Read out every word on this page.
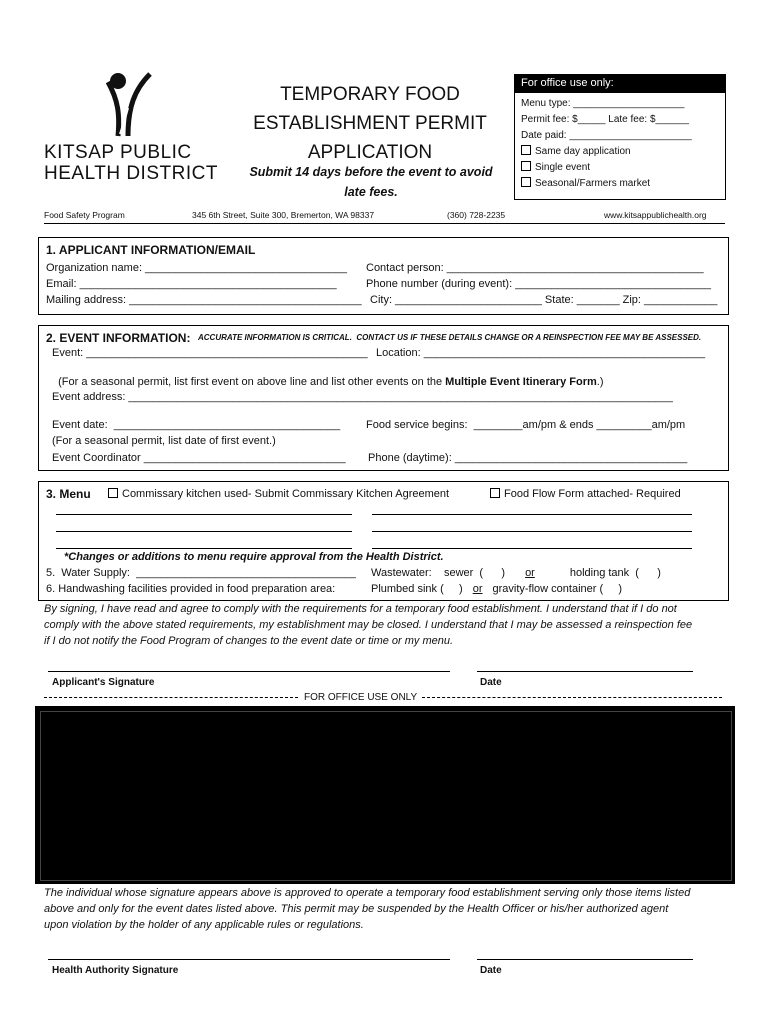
KITSAP PUBLIC
HEALTH DISTRICT
TEMPORARY FOOD
ESTABLISHMENT PERMIT
APPLICATION
Submit 14 days before the event to avoid
late fees.
For office use only:
Menu type: ____________________
Permit fee: $_____ Late fee: $______
Date paid: ______________________
Same day application
Single event
Seasonal/Farmers market
Food Safety Program	345 6th Street, Suite 300, Bremerton, WA 98337	(360) 728-2235	www.kitsappublichealth.org
1. APPLICANT INFORMATION/EMAIL
Organization name: _________________________________	Contact person: __________________________________________
Email: __________________________________________	Phone number (during event): ________________________________
Mailing address: ______________________________________ City: ________________________ State: _______ Zip: ____________
2. EVENT INFORMATION: ACCURATE INFORMATION IS CRITICAL.  CONTACT US IF THESE DETAILS CHANGE OR A REINSPECTION FEE MAY BE ASSESSED.
Event: ______________________________________________ Location: ______________________________________________

(For a seasonal permit, list first event on above line and list other events on the Multiple Event Itinerary Form.)

Event address: _________________________________________________________________________________________
Event date:  _____________________________________	Food service begins:  ________am/pm & ends _________am/pm
(For a seasonal permit, list date of first event.)
Event Coordinator _________________________________	Phone (daytime): ______________________________________
3. Menu	Commissary kitchen used- Submit Commissary Kitchen Agreement	Food Flow Form attached- Required
*Changes or additions to menu require approval from the Health District.
5.  Water Supply:  ____________________________________ Wastewater:    sewer  (      ) or	holding tank  (      )
6. Handwashing facilities provided in food preparation area:	Plumbed sink (     ) or gravity-flow container (     )
By signing, I have read and agree to comply with the requirements for a temporary food establishment. I understand that if I do not
comply with the above stated requirements, my establishment may be closed. I understand that I may be assessed a reinspection fee
if I do not notify the Food Program of changes to the event date or time or my menu.
Applicant's Signature	Date
FOR OFFICE USE ONLY
The individual whose signature appears above is approved to operate a temporary food establishment serving only those items listed
above and only for the event dates listed above. This permit may be suspended by the Health Officer or his/her authorized agent
upon violation by the holder of any applicable rules or regulations.
Health Authority Signature	Date
